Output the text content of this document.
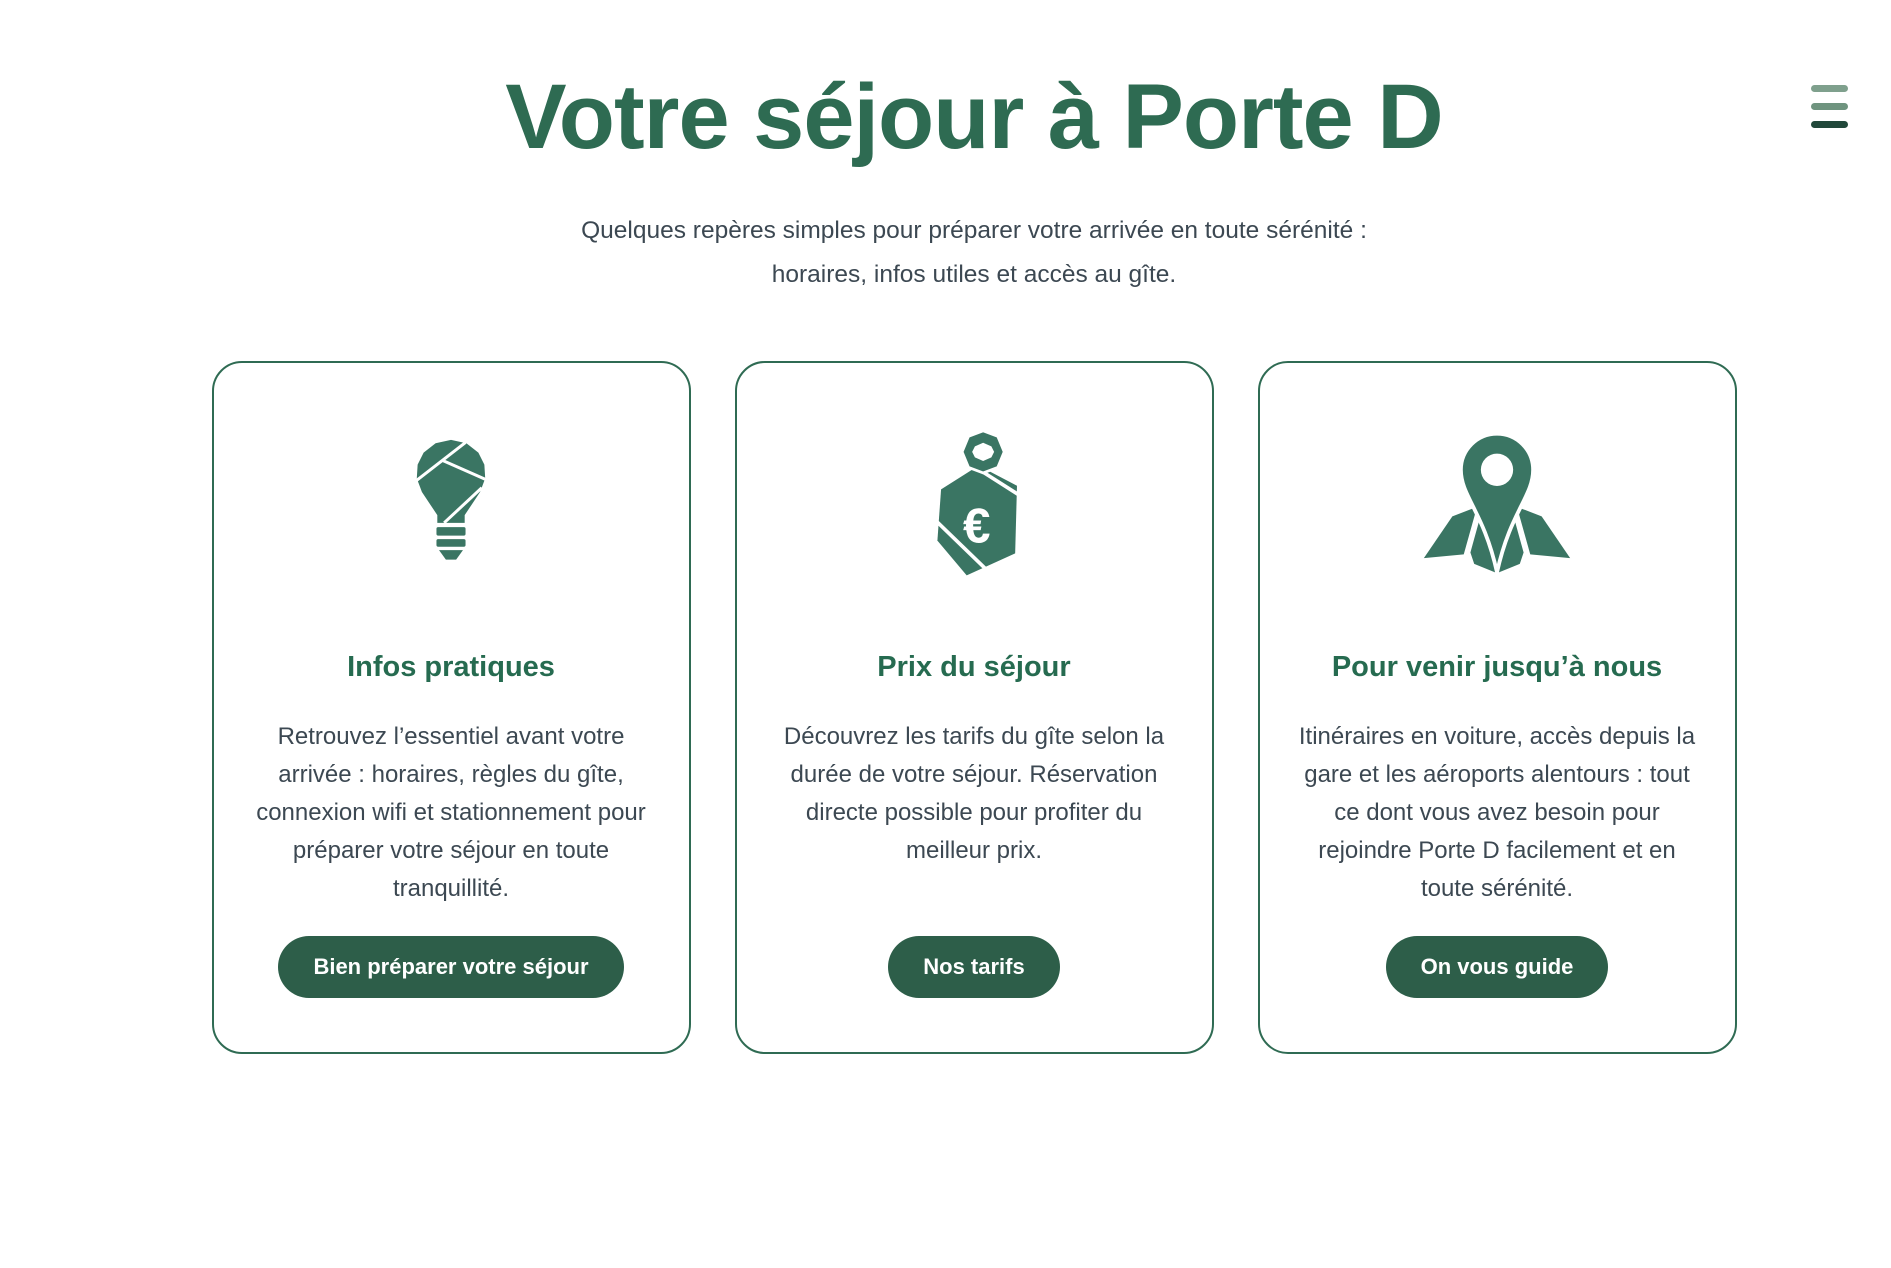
Votre séjour à Porte D

Quelques repères simples pour préparer votre arrivée en toute sérénité :
horaires, infos utiles et accès au gîte.

Infos pratiques

Retrouvez l’essentiel avant votre arrivée : horaires, règles du gîte, connexion wifi et stationnement pour préparer votre séjour en toute tranquillité.

Bien préparer votre séjour
€
Prix du séjour

Découvrez les tarifs du gîte selon la durée de votre séjour. Réservation directe possible pour profiter du meilleur prix.

Nos tarifs
Pour venir jusqu’à nous

Itinéraires en voiture, accès depuis la gare et les aéroports alentours : tout ce dont vous avez besoin pour rejoindre Porte D facilement et en toute sérénité.

On vous guide
